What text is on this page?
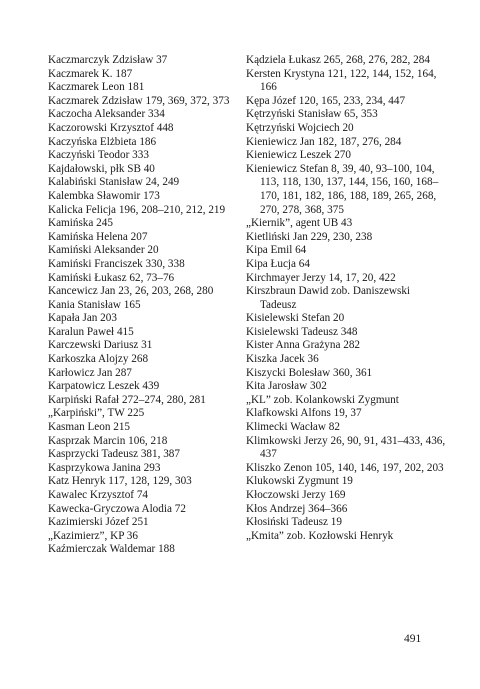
Kaczmarczyk Zdzisław 37
Kaczmarek K. 187
Kaczmarek Leon 181
Kaczmarek Zdzisław 179, 369, 372, 373
Kaczocha Aleksander 334
Kaczorowski Krzysztof 448
Kaczyńska Elżbieta 186
Kaczyński Teodor 333
Kajdałowski, płk SB 40
Kalabiński Stanisław 24, 249
Kalembka Sławomir 173
Kalicka Felicja 196, 208–210, 212, 219
Kamińska 245
Kamińska Helena 207
Kamiński Aleksander 20
Kamiński Franciszek 330, 338
Kamiński Łukasz 62, 73–76
Kancewicz Jan 23, 26, 203, 268, 280
Kania Stanisław 165
Kapała Jan 203
Karalun Paweł 415
Karczewski Dariusz 31
Karkoszka Alojzy 268
Karłowicz Jan 287
Karpatowicz Leszek 439
Karpiński Rafał 272–274, 280, 281
„Karpiński”, TW 225
Kasman Leon 215
Kasprzak Marcin 106, 218
Kasprzycki Tadeusz 381, 387
Kasprzykowa Janina 293
Katz Henryk 117, 128, 129, 303
Kawalec Krzysztof 74
Kawecka-Gryczowa Alodia 72
Kazimierski Józef 251
„Kazimierz”, KP 36
Kaźmierczak Waldemar 188
Kądziela Łukasz 265, 268, 276, 282, 284
Kersten Krystyna 121, 122, 144, 152, 164, 166
Kępa Józef 120, 165, 233, 234, 447
Kętrzyński Stanisław 65, 353
Kętrzyński Wojciech 20
Kieniewicz Jan 182, 187, 276, 284
Kieniewicz Leszek 270
Kieniewicz Stefan 8, 39, 40, 93–100, 104, 113, 118, 130, 137, 144, 156, 160, 168–170, 181, 182, 186, 188, 189, 265, 268, 270, 278, 368, 375
„Kiernik”, agent UB 43
Kietliński Jan 229, 230, 238
Kipa Emil 64
Kipa Łucja 64
Kirchmayer Jerzy 14, 17, 20, 422
Kirszbraun Dawid zob. Daniszewski Tadeusz
Kisielewski Stefan 20
Kisielewski Tadeusz 348
Kister Anna Grażyna 282
Kiszka Jacek 36
Kiszycki Bolesław 360, 361
Kita Jarosław 302
„KL” zob. Kolankowski Zygmunt
Klafkowski Alfons 19, 37
Klimecki Wacław 82
Klimkowski Jerzy 26, 90, 91, 431–433, 436, 437
Kliszko Zenon 105, 140, 146, 197, 202, 203
Klukowski Zygmunt 19
Kłoczowski Jerzy 169
Kłos Andrzej 364–366
Kłosiński Tadeusz 19
„Kmita” zob. Kozłowski Henryk
491
